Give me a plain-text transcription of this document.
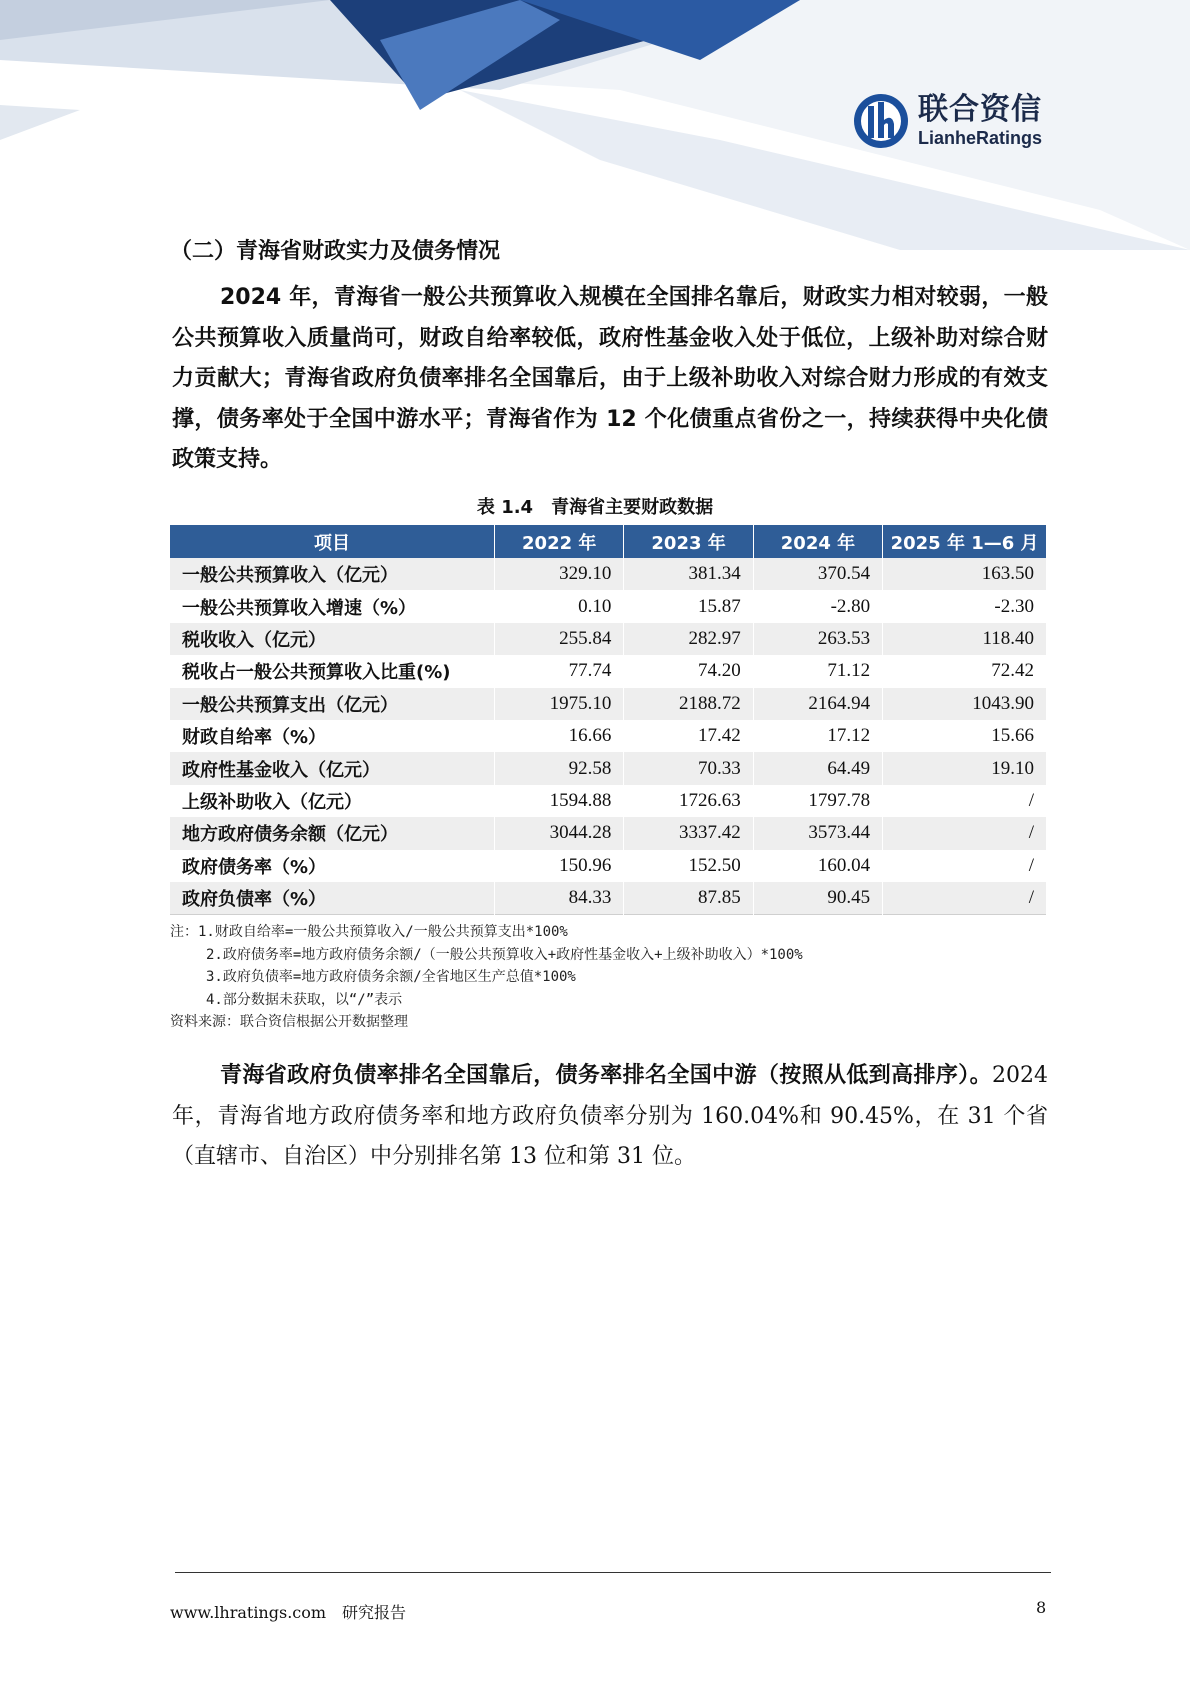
联合资信
LianheRatings
（二）青海省财政实力及债务情况
2024 年，青海省一般公共预算收入规模在全国排名靠后，财政实力相对较弱，一般公共预算收入质量尚可，财政自给率较低，政府性基金收入处于低位，上级补助对综合财力贡献大；青海省政府负债率排名全国靠后，由于上级补助收入对综合财力形成的有效支撑，债务率处于全国中游水平；青海省作为 12 个化债重点省份之一，持续获得中央化债政策支持。
表 1.4 青海省主要财政数据
项目	2022 年	2023 年	2024 年	2025 年 1—6 月
一般公共预算收入（亿元）	329.10	381.34	370.54	163.50
一般公共预算收入增速（%）	0.10	15.87	-2.80	-2.30
税收收入（亿元）	255.84	282.97	263.53	118.40
税收占一般公共预算收入比重(%)	77.74	74.20	71.12	72.42
一般公共预算支出（亿元）	1975.10	2188.72	2164.94	1043.90
财政自给率（%）	16.66	17.42	17.12	15.66
政府性基金收入（亿元）	92.58	70.33	64.49	19.10
上级补助收入（亿元）	1594.88	1726.63	1797.78	/
地方政府债务余额（亿元）	3044.28	3337.42	3573.44	/
政府债务率（%）	150.96	152.50	160.04	/
政府负债率（%）	84.33	87.85	90.45	/
注：1.财政自给率=一般公共预算收入/一般公共预算支出*100%
2.政府债务率=地方政府债务余额/（一般公共预算收入+政府性基金收入+上级补助收入）*100%
3.政府负债率=地方政府债务余额/全省地区生产总值*100%
4.部分数据未获取，以“/”表示
资料来源：联合资信根据公开数据整理
青海省政府负债率排名全国靠后，债务率排名全国中游（按照从低到高排序）。2024 年，青海省地方政府债务率和地方政府负债率分别为 160.04%和 90.45%，在 31 个省（直辖市、自治区）中分别排名第 13 位和第 31 位。
www.lhratings.com 研究报告	8
